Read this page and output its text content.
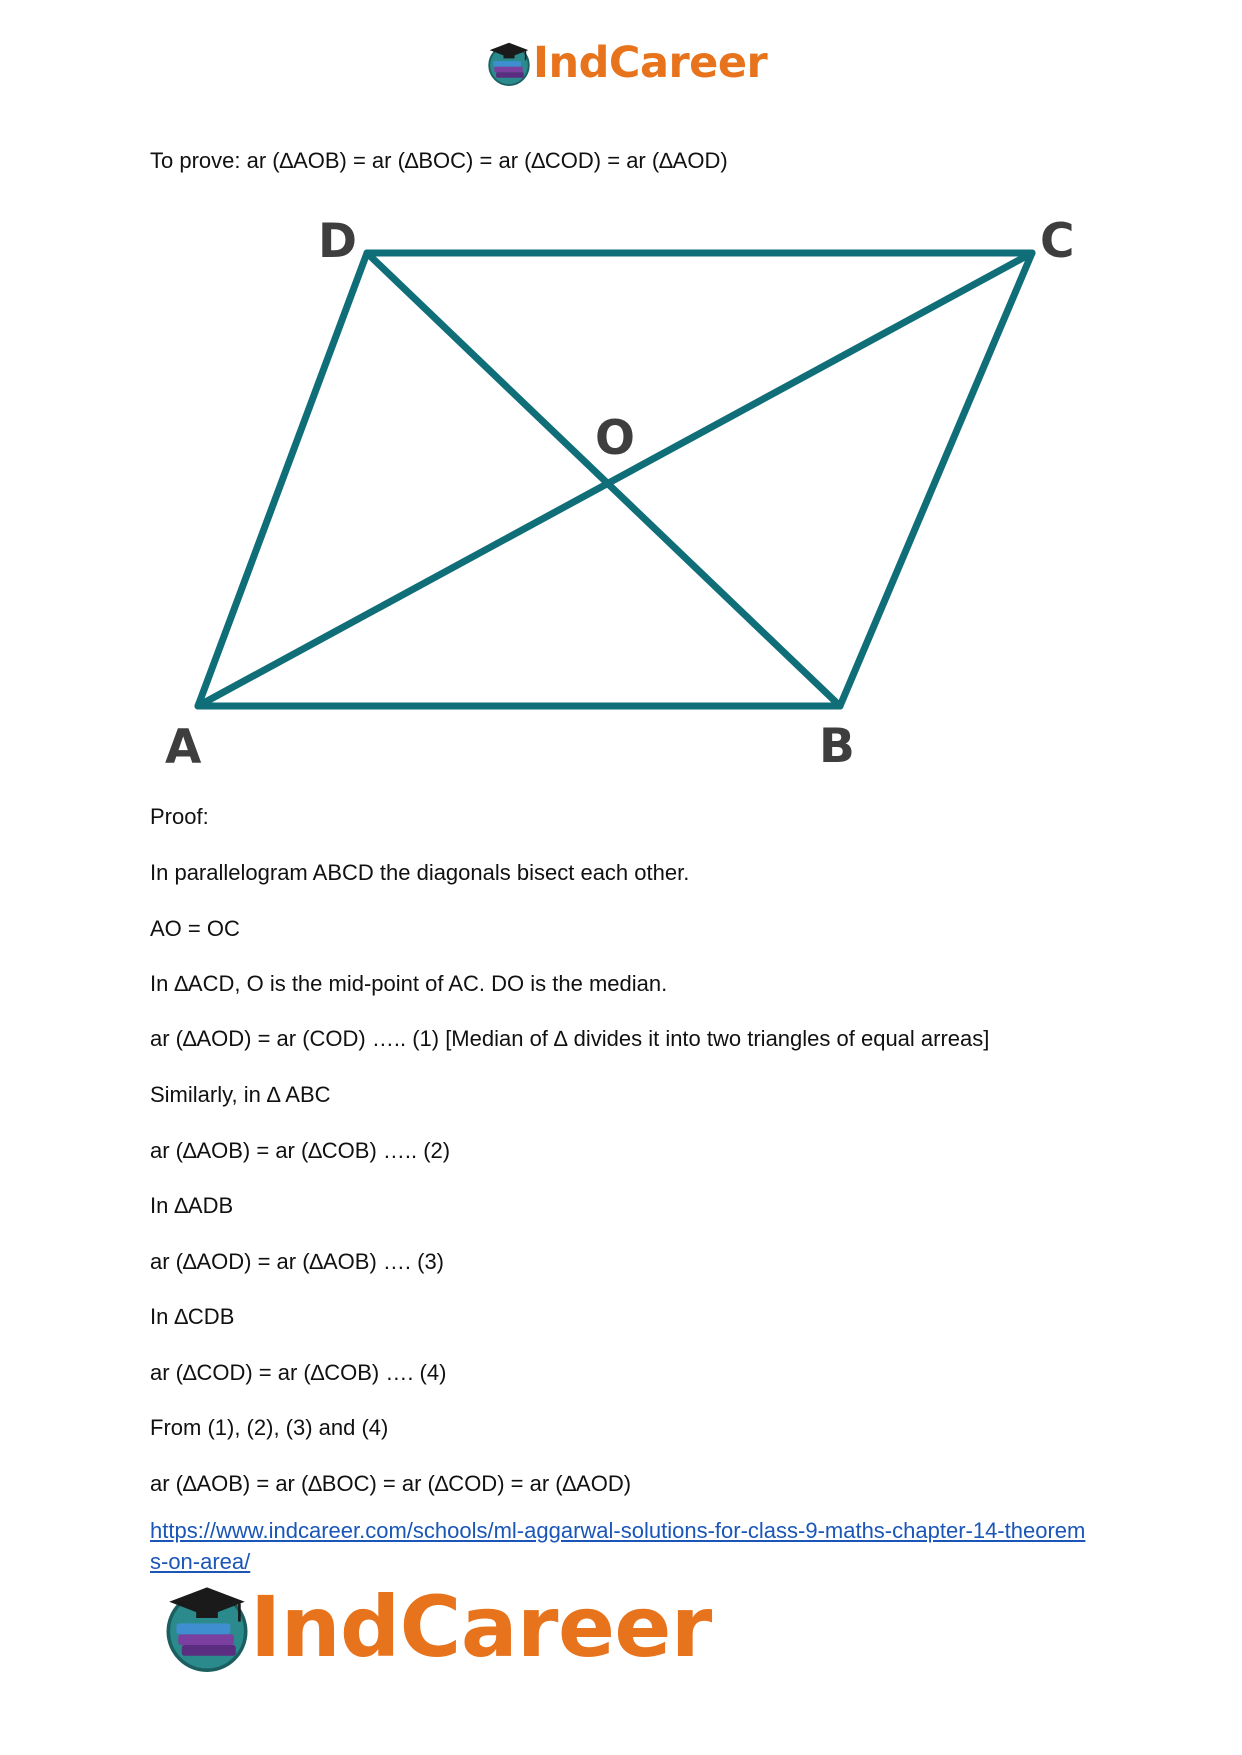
IndCareer

To prove: ar (∆AOB) = ar (∆BOC) = ar (∆COD) = ar (∆AOD)

D	C
O
A	B

Proof:

In parallelogram ABCD the diagonals bisect each other.

AO = OC

In ∆ACD, O is the mid-point of AC. DO is the median.

ar (∆AOD) = ar (COD) ….. (1) [Median of ∆ divides it into two triangles of equal arreas]

Similarly, in ∆ ABC

ar (∆AOB) = ar (∆COB) ….. (2)

In ∆ADB

ar (∆AOD) = ar (∆AOB) …. (3)

In ∆CDB

ar (∆COD) = ar (∆COB) …. (4)

From (1), (2), (3) and (4)

ar (∆AOB) = ar (∆BOC) = ar (∆COD) = ar (∆AOD)

https://www.indcareer.com/schools/ml-aggarwal-solutions-for-class-9-maths-chapter-14-theorems-on-area/
IndCareer
